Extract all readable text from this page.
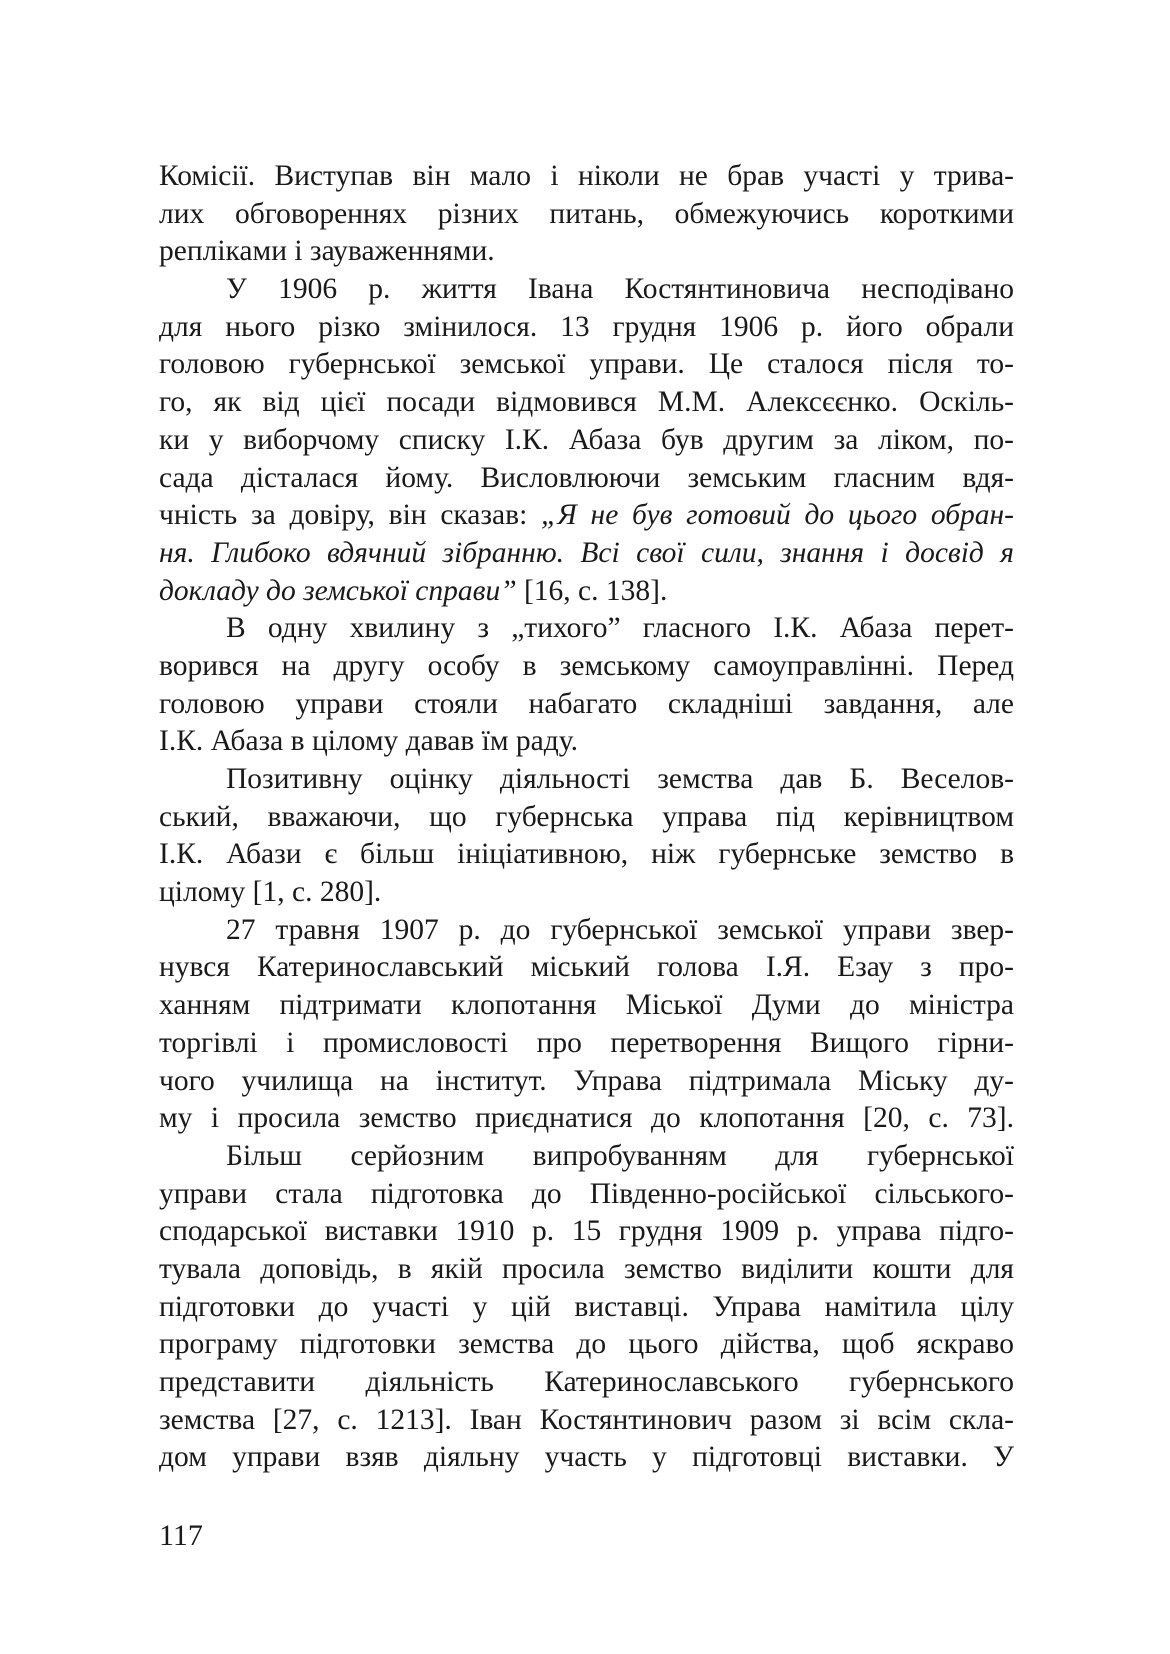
Комісії. Виступав він мало і ніколи не брав участі у трива-
лих обговореннях різних питань, обмежуючись короткими
репліками і зауваженнями.
У 1906 р. життя Івана Костянтиновича несподівано
для нього різко змінилося. 13 грудня 1906 р. його обрали
головою губернської земської управи. Це сталося після то-
го, як від цієї посади відмовився М.М. Алексєєнко. Оскіль-
ки у виборчому списку І.К. Абаза був другим за ліком, по-
сада дісталася йому. Висловлюючи земським гласним вдя-
чність за довіру, він сказав: „Я не був готовий до цього обран-
ня. Глибоко вдячний зібранню. Всі свої сили, знання і досвід я
докладу до земської справи” [16, с. 138].
В одну хвилину з „тихого” гласного І.К. Абаза перет-
ворився на другу особу в земському самоуправлінні. Перед
головою управи стояли набагато складніші завдання, але
І.К. Абаза в цілому давав їм раду.
Позитивну оцінку діяльності земства дав Б. Веселов-
ський, вважаючи, що губернська управа під керівництвом
І.К. Абази є більш ініціативною, ніж губернське земство в
цілому [1, с. 280].
27 травня 1907 р. до губернської земської управи звер-
нувся Катеринославський міський голова І.Я. Езау з про-
ханням підтримати клопотання Міської Думи до міністра
торгівлі і промисловості про перетворення Вищого гірни-
чого училища на інститут. Управа підтримала Міську ду-
му і просила земство приєднатися до клопотання [20, с. 73].
Більш серйозним випробуванням для губернської
управи стала підготовка до Південно-російської сільського-
сподарської виставки 1910 р. 15 грудня 1909 р. управа підго-
тувала доповідь, в якій просила земство виділити кошти для
підготовки до участі у цій виставці. Управа намітила цілу
програму підготовки земства до цього дійства, щоб яскраво
представити діяльність Катеринославського губернського
земства [27, с. 1213]. Іван Костянтинович разом зі всім скла-
дом управи взяв діяльну участь у підготовці виставки. У
117
